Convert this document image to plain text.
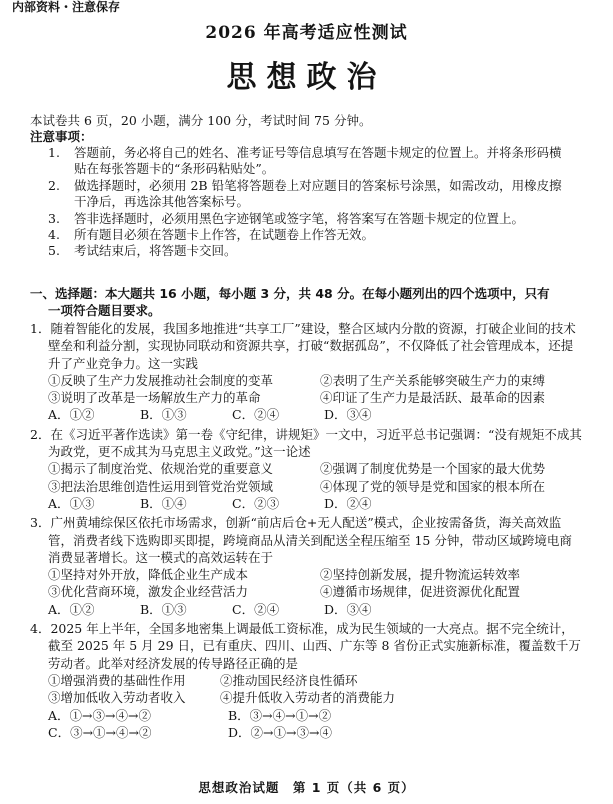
内部资料・注意保存
2026 年高考适应性测试
思想政治
本试卷共 6 页，20 小题，满分 100 分，考试时间 75 分钟。
注意事项：
1.	答题前，务必将自己的姓名、准考证号等信息填写在答题卡规定的位置上。并将条形码横贴在每张答题卡的“条形码粘贴处”。
2.	做选择题时，必须用 2B 铅笔将答题卷上对应题目的答案标号涂黑，如需改动，用橡皮擦干净后，再选涂其他答案标号。
3.	答非选择题时，必须用黑色字迹钢笔或签字笔，将答案写在答题卡规定的位置上。
4.	所有题目必须在答题卡上作答，在试题卷上作答无效。
5.	考试结束后，将答题卡交回。
一、选择题：本大题共 16 小题，每小题 3 分，共 48 分。在每小题列出的四个选项中，只有
一项符合题目要求。
1．随着智能化的发展，我国多地推进“共享工厂”建设，整合区域内分散的资源，打破企业间的技术壁垒和利益分割，实现协同联动和资源共享，打破“数据孤岛”，不仅降低了社会管理成本，还提升了产业竞争力。这一实践
①反映了生产力发展推动社会制度的变革	②表明了生产关系能够突破生产力的束缚
③说明了改革是一场解放生产力的革命	④印证了生产力是最活跃、最革命的因素
A．①②	B．①③	C．②④	D．③④
2．在《习近平著作选读》第一卷《守纪律，讲规矩》一文中，习近平总书记强调：“没有规矩不成其为政党，更不成其为马克思主义政党。”这一论述
①揭示了制度治党、依规治党的重要意义	②强调了制度优势是一个国家的最大优势
③把法治思维创造性运用到管党治党领域	④体现了党的领导是党和国家的根本所在
A．①③	B．①④	C．②③	D．②④
3．广州黄埔综保区依托市场需求，创新“前店后仓+无人配送”模式，企业按需备货，海关高效监管，消费者线下选购即买即提，跨境商品从清关到配送全程压缩至 15 分钟，带动区域跨境电商消费显著增长。这一模式的高效运转在于
①坚持对外开放，降低企业生产成本	②坚持创新发展，提升物流运转效率
③优化营商环境，激发企业经营活力	④遵循市场规律，促进资源优化配置
A．①②	B．①③	C．②④	D．③④
4．2025 年上半年，全国多地密集上调最低工资标准，成为民生领域的一大亮点。据不完全统计，截至 2025 年 5 月 29 日，已有重庆、四川、山西、广东等 8 省份正式实施新标准，覆盖数千万劳动者。此举对经济发展的传导路径正确的是
①增强消费的基础性作用	②推动国民经济良性循环
③增加低收入劳动者收入	④提升低收入劳动者的消费能力
A．①→③→④→②	B．③→④→①→②
C．③→①→④→②	D．②→①→③→④
思想政治试题　第 1 页（共 6 页）
